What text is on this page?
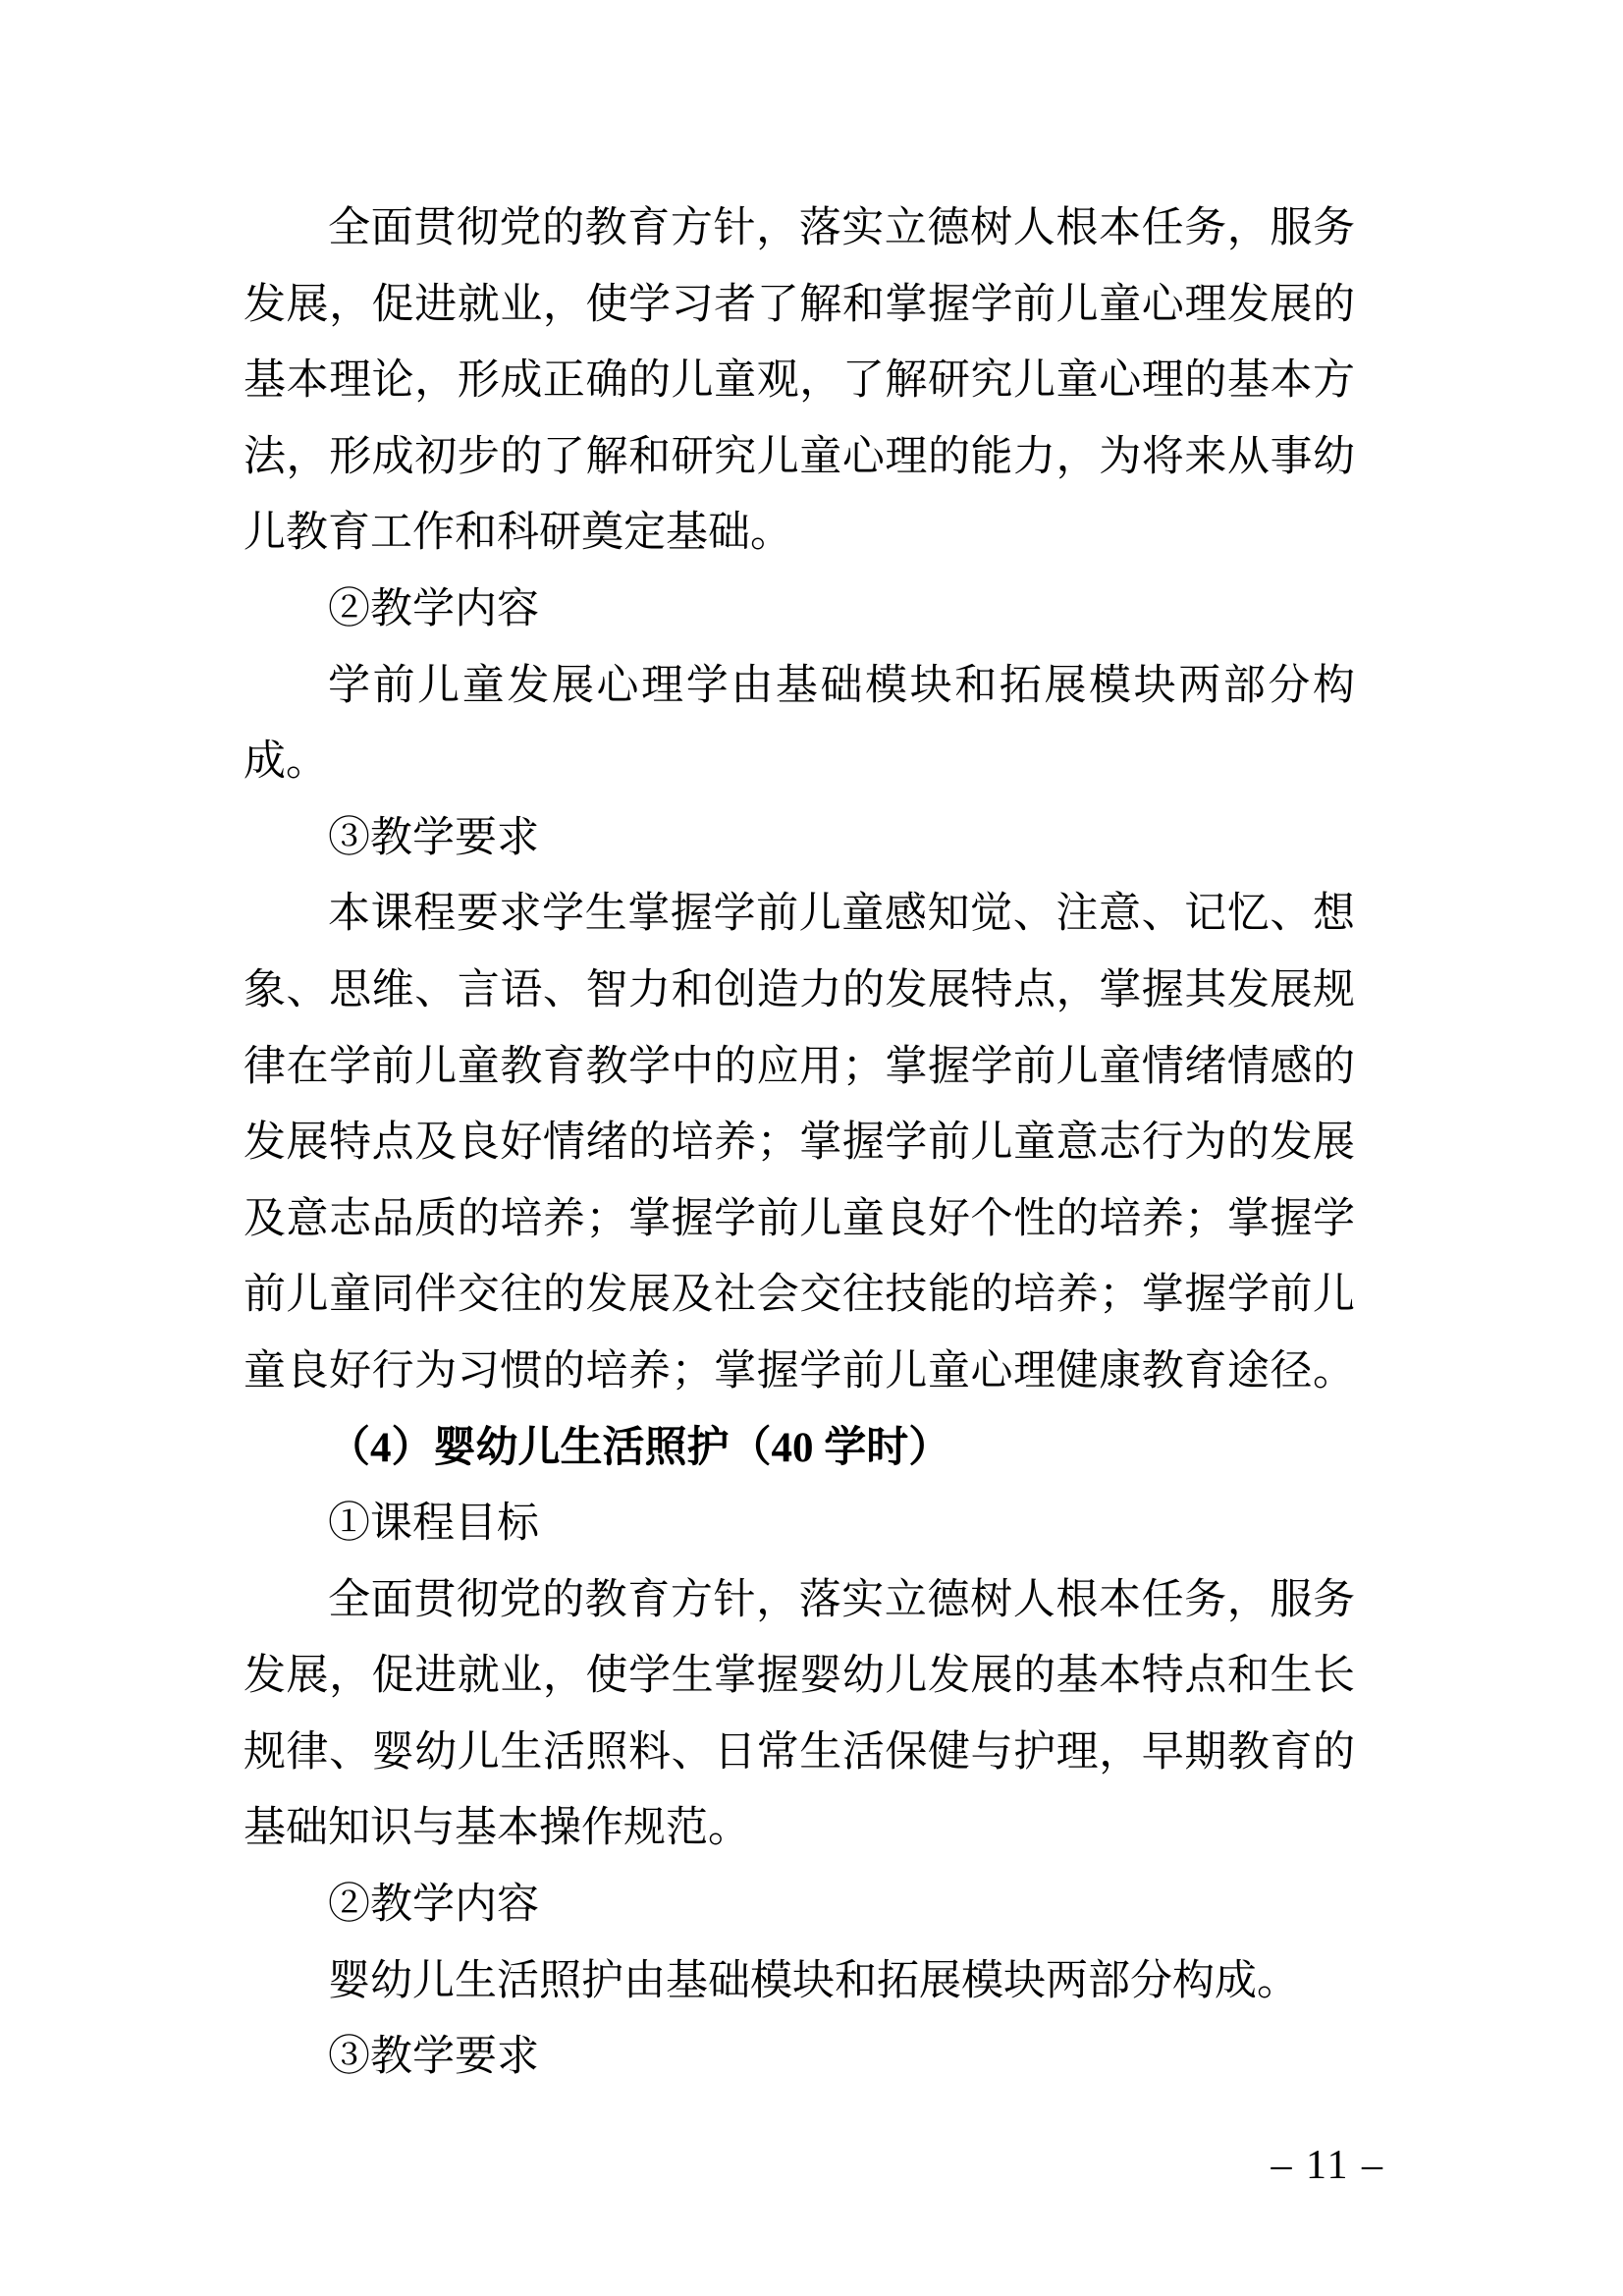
全面贯彻党的教育方针，落实立德树人根本任务，服务
发展，促进就业，使学习者了解和掌握学前儿童心理发展的
基本理论，形成正确的儿童观，了解研究儿童心理的基本方
法，形成初步的了解和研究儿童心理的能力，为将来从事幼
儿教育工作和科研奠定基础。
②教学内容
学前儿童发展心理学由基础模块和拓展模块两部分构
成。
③教学要求
本课程要求学生掌握学前儿童感知觉、注意、记忆、想
象、思维、言语、智力和创造力的发展特点，掌握其发展规
律在学前儿童教育教学中的应用；掌握学前儿童情绪情感的
发展特点及良好情绪的培养；掌握学前儿童意志行为的发展
及意志品质的培养；掌握学前儿童良好个性的培养；掌握学
前儿童同伴交往的发展及社会交往技能的培养；掌握学前儿
童良好行为习惯的培养；掌握学前儿童心理健康教育途径。
（4）婴幼儿生活照护（40 学时）
①课程目标
全面贯彻党的教育方针，落实立德树人根本任务，服务
发展，促进就业，使学生掌握婴幼儿发展的基本特点和生长
规律、婴幼儿生活照料、日常生活保健与护理，早期教育的
基础知识与基本操作规范。
②教学内容
婴幼儿生活照护由基础模块和拓展模块两部分构成。
③教学要求
– 11 –
